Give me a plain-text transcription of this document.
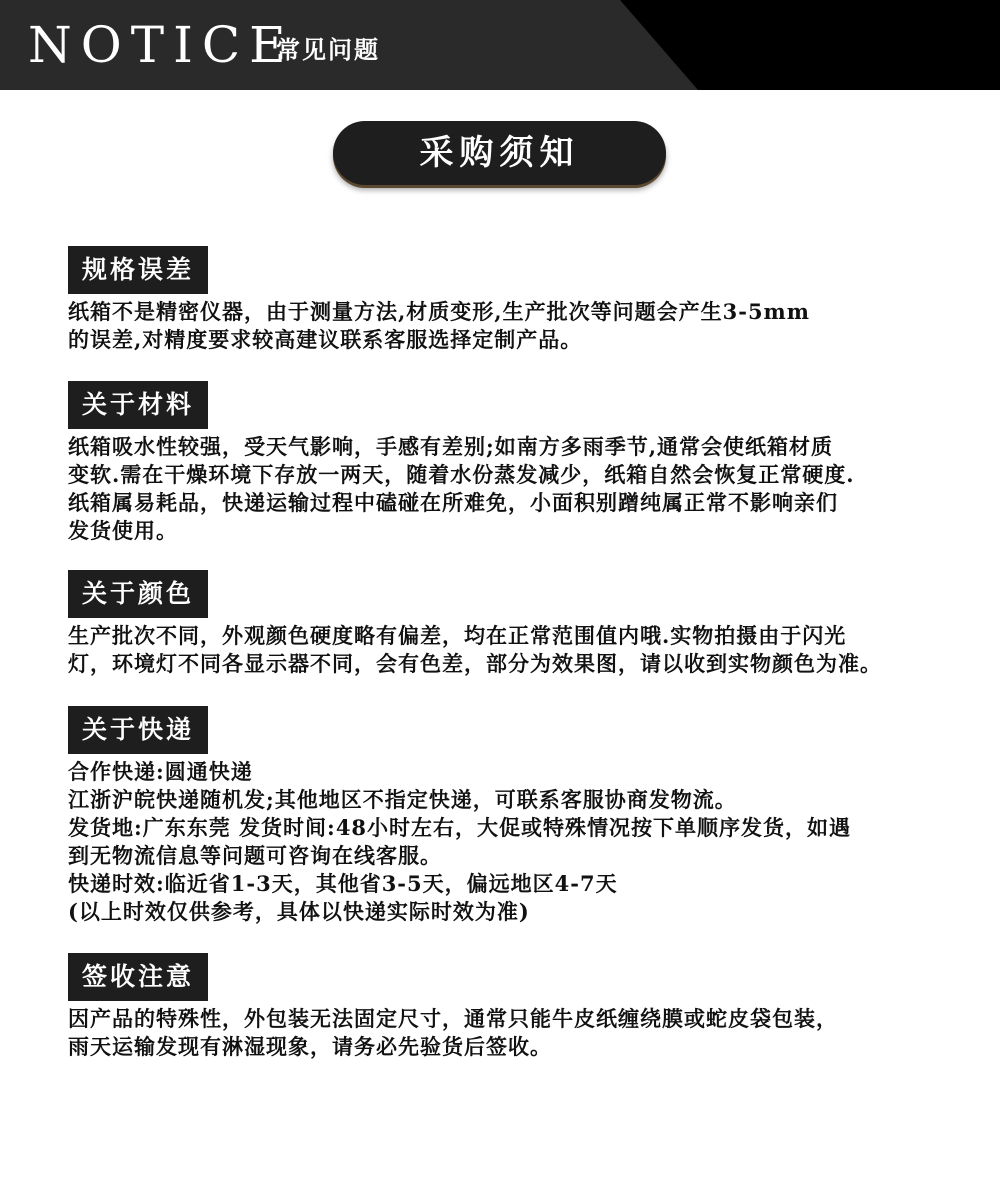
NOTICE
常见问题
采购须知
规格误差
纸箱不是精密仪器，由于测量方法,材质变形,生产批次等问题会产生3-5mm
的误差,对精度要求较高建议联系客服选择定制产品。
关于材料
纸箱吸水性较强，受天气影响，手感有差别;如南方多雨季节,通常会使纸箱材质
变软.需在干燥环境下存放一两天，随着水份蒸发减少，纸箱自然会恢复正常硬度.
纸箱属易耗品，快递运输过程中磕碰在所难免，小面积别蹭纯属正常不影响亲们
发货使用。
关于颜色
生产批次不同，外观颜色硬度略有偏差，均在正常范围值内哦.实物拍摄由于闪光
灯，环境灯不同各显示器不同，会有色差，部分为效果图，请以收到实物颜色为准。
关于快递
合作快递:圆通快递
江浙沪皖快递随机发;其他地区不指定快递，可联系客服协商发物流。
发货地:广东东莞 发货时间:48小时左右，大促或特殊情况按下单顺序发货，如遇
到无物流信息等问题可咨询在线客服。
快递时效:临近省1-3天，其他省3-5天，偏远地区4-7天
(以上时效仅供参考，具体以快递实际时效为准)
签收注意
因产品的特殊性，外包装无法固定尺寸，通常只能牛皮纸缠绕膜或蛇皮袋包装，
雨天运输发现有淋湿现象，请务必先验货后签收。
